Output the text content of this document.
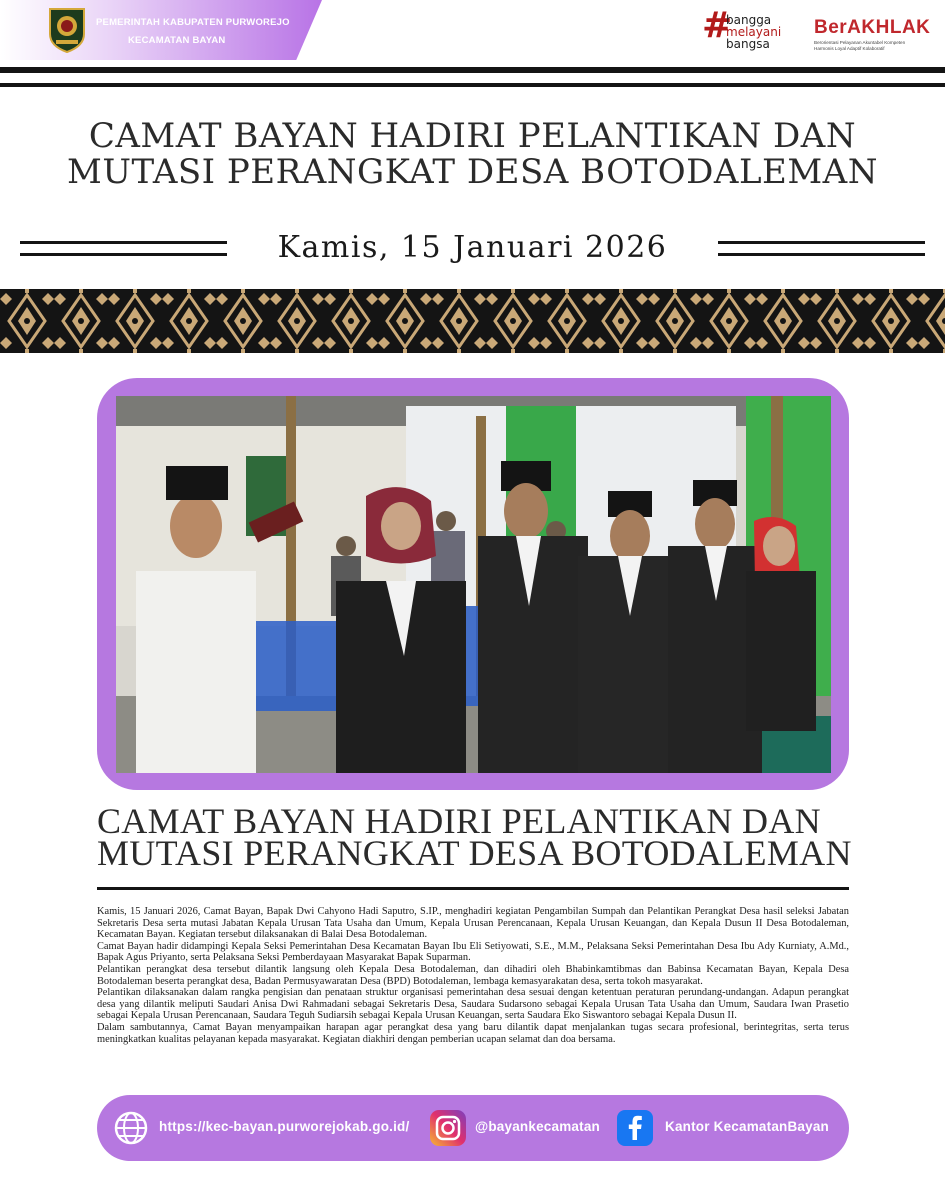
PEMERINTAH KABUPATEN PURWOREJO
KECAMATAN BAYAN	#
bangga
melayani
bangsa
BerAKHLAK
Berorientasi Pelayanan Akuntabel Kompeten
Harmonis Loyal Adaptif Kolaboratif
CAMAT BAYAN HADIRI PELANTIKAN DAN
MUTASI PERANGKAT DESA BOTODALEMAN
Kamis, 15 Januari 2026
CAMAT BAYAN HADIRI PELANTIKAN DAN
MUTASI PERANGKAT DESA BOTODALEMAN

Kamis, 15 Januari 2026, Camat Bayan, Bapak Dwi Cahyono Hadi Saputro, S.IP., menghadiri kegiatan Pengambilan Sumpah dan Pelantikan Perangkat Desa hasil seleksi Jabatan Sekretaris Desa serta mutasi Jabatan Kepala Urusan Tata Usaha dan Umum, Kepala Urusan Perencanaan, Kepala Urusan Keuangan, dan Kepala Dusun II Desa Botodaleman, Kecamatan Bayan. Kegiatan tersebut dilaksanakan di Balai Desa Botodaleman.

Camat Bayan hadir didampingi Kepala Seksi Pemerintahan Desa Kecamatan Bayan Ibu Eli Setiyowati, S.E., M.M., Pelaksana Seksi Pemerintahan Desa Ibu Ady Kurniaty, A.Md., Bapak Agus Priyanto, serta Pelaksana Seksi Pemberdayaan Masyarakat Bapak Suparman.

Pelantikan perangkat desa tersebut dilantik langsung oleh Kepala Desa Botodaleman, dan dihadiri oleh Bhabinkamtibmas dan Babinsa Kecamatan Bayan, Kepala Desa Botodaleman beserta perangkat desa, Badan Permusyawaratan Desa (BPD) Botodaleman, lembaga kemasyarakatan desa, serta tokoh masyarakat.

Pelantikan dilaksanakan dalam rangka pengisian dan penataan struktur organisasi pemerintahan desa sesuai dengan ketentuan peraturan perundang-undangan. Adapun perangkat desa yang dilantik meliputi Saudari Anisa Dwi Rahmadani sebagai Sekretaris Desa, Saudara Sudarsono sebagai Kepala Urusan Tata Usaha dan Umum, Saudara Iwan Prasetio sebagai Kepala Urusan Perencanaan, Saudara Teguh Sudiarsih sebagai Kepala Urusan Keuangan, serta Saudara Eko Siswantoro sebagai Kepala Dusun II.

Dalam sambutannya, Camat Bayan menyampaikan harapan agar perangkat desa yang baru dilantik dapat menjalankan tugas secara profesional, berintegritas, serta terus meningkatkan kualitas pelayanan kepada masyarakat. Kegiatan diakhiri dengan pemberian ucapan selamat dan doa bersama.

https://kec-bayan.purworejokab.go.id/	@bayankecamatan	Kantor KecamatanBayan
